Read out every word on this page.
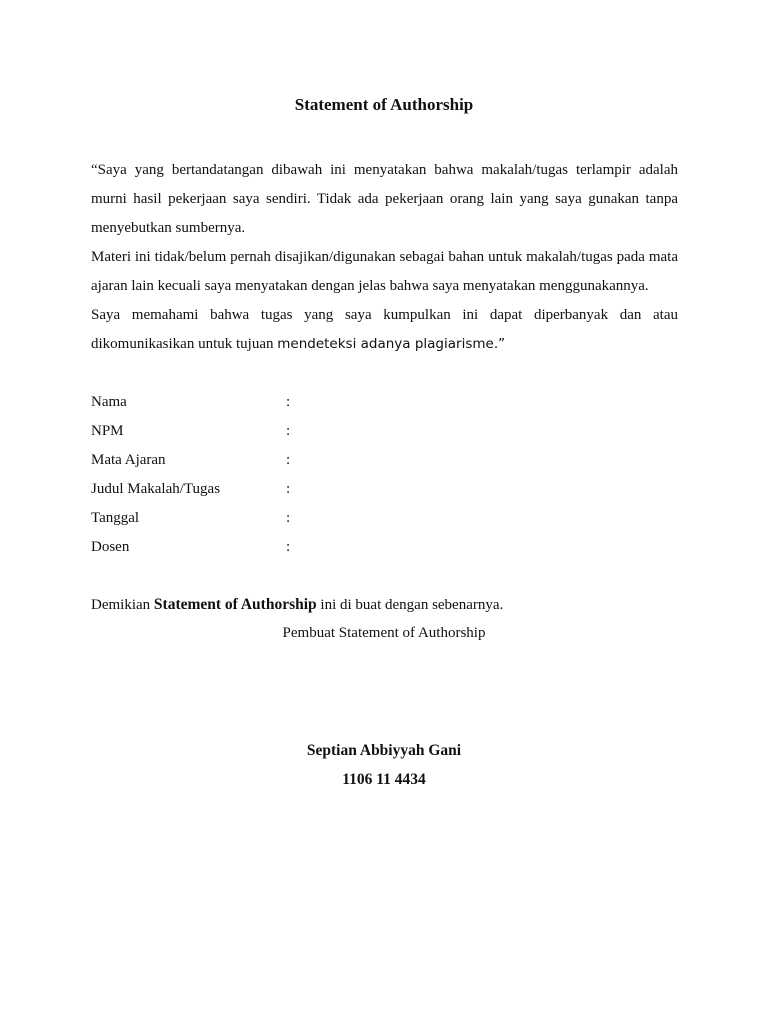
Statement of Authorship

“Saya yang bertandatangan dibawah ini menyatakan bahwa makalah/tugas terlampir adalah murni hasil pekerjaan saya sendiri. Tidak ada pekerjaan orang lain yang saya gunakan tanpa menyebutkan sumbernya.

Materi ini tidak/belum pernah disajikan/digunakan sebagai bahan untuk makalah/tugas pada mata ajaran lain kecuali saya menyatakan dengan jelas bahwa saya menyatakan menggunakannya.

Saya memahami bahwa tugas yang saya kumpulkan ini dapat diperbanyak dan atau dikomunikasikan untuk tujuan mendeteksi adanya plagiarisme.”

Nama	:
NPM	:
Mata Ajaran	:
Judul Makalah/Tugas	:
Tanggal	:
Dosen	:
Demikian Statement of Authorship ini di buat dengan sebenarnya.
Pembuat Statement of Authorship
Septian Abbiyyah Gani
1106 11 4434
